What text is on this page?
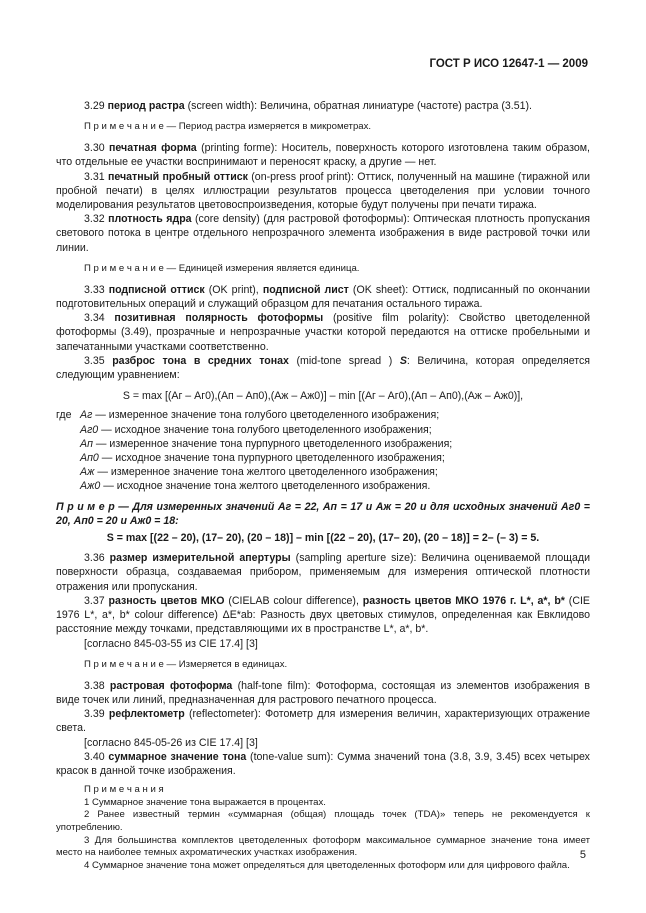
ГОСТ Р ИСО 12647-1 — 2009

3.29 период растра (screen width): Величина, обратная линиатуре (частоте) растра (3.51).

П р и м е ч а н и е — Период растра измеряется в микрометрах.

3.30 печатная форма (printing forme): Носитель, поверхность которого изготовлена таким образом, что отдельные ее участки воспринимают и переносят краску, а другие — нет.

3.31 печатный пробный оттиск (on-press proof print): Оттиск, полученный на машине (тиражной или пробной печати) в целях иллюстрации результатов процесса цветоделения при условии точного моделирования результатов цветовоспроизведения, которые будут получены при печати тиража.

3.32 плотность ядра (core density) (для растровой фотоформы): Оптическая плотность пропускания светового потока в центре отдельного непрозрачного элемента изображения в виде растровой точки или линии.

П р и м е ч а н и е — Единицей измерения является единица.

3.33 подписной оттиск (OK print), подписной лист (OK sheet): Оттиск, подписанный по окончании подготовительных операций и служащий образцом для печатания остального тиража.

3.34 позитивная полярность фотоформы (positive film polarity): Свойство цветоделенной фотоформы (3.49), прозрачные и непрозрачные участки которой передаются на оттиске пробельными и запечатанными участками соответственно.

3.35 разброс тона в средних тонах (mid-tone spread ) S: Величина, которая определяется следующим уравнением:

S = max [(Aг – Aг0),(Aп – Aп0),(Aж – Aж0)] – min [(Aг – Aг0),(Aп – Aп0),(Aж – Aж0)],

где Aг — измеренное значение тона голубого цветоделенного изображения;
Aг0 — исходное значение тона голубого цветоделенного изображения;
Aп — измеренное значение тона пурпурного цветоделенного изображения;
Aп0 — исходное значение тона пурпурного цветоделенного изображения;
Aж — измеренное значение тона желтого цветоделенного изображения;
Aж0 — исходное значение тона желтого цветоделенного изображения.

П р и м е р — Для измеренных значений Aг = 22, Aп = 17 и Aж = 20 и для исходных значений Aг0 = 20, Aп0 = 20 и Aж0 = 18:

S = max [(22 – 20), (17– 20), (20 – 18)] – min [(22 – 20), (17– 20), (20 – 18)] = 2– (– 3) = 5.

3.36 размер измерительной апертуры (sampling aperture size): Величина оцениваемой площади поверхности образца, создаваемая прибором, применяемым для измерения оптической плотности отражения или пропускания.

3.37 разность цветов МКО (CIELAB colour difference), разность цветов МКО 1976 г. L*, a*, b* (CIE 1976 L*, a*, b* colour difference) ΔE*ab: Разность двух цветовых стимулов, определенная как Евклидово расстояние между точками, представляющими их в пространстве L*, a*, b*.

[согласно 845-03-55 из CIE 17.4] [3]

П р и м е ч а н и е — Измеряется в единицах.

3.38 растровая фотоформа (half-tone film): Фотоформа, состоящая из элементов изображения в виде точек или линий, предназначенная для растрового печатного процесса.

3.39 рефлектометр (reflectometer): Фотометр для измерения величин, характеризующих отражение света.

[согласно 845-05-26 из CIE 17.4] [3]

3.40 суммарное значение тона (tone-value sum): Сумма значений тона (3.8, 3.9, 3.45) всех четырех красок в данной точке изображения.

П р и м е ч а н и я

1 Суммарное значение тона выражается в процентах.

2 Ранее известный термин «суммарная (общая) площадь точек (TDA)» теперь не рекомендуется к употреблению.

3 Для большинства комплектов цветоделенных фотоформ максимальное суммарное значение тона имеет место на наиболее темных ахроматических участках изображения.

4 Суммарное значение тона может определяться для цветоделенных фотоформ или для цифрового файла.

5
